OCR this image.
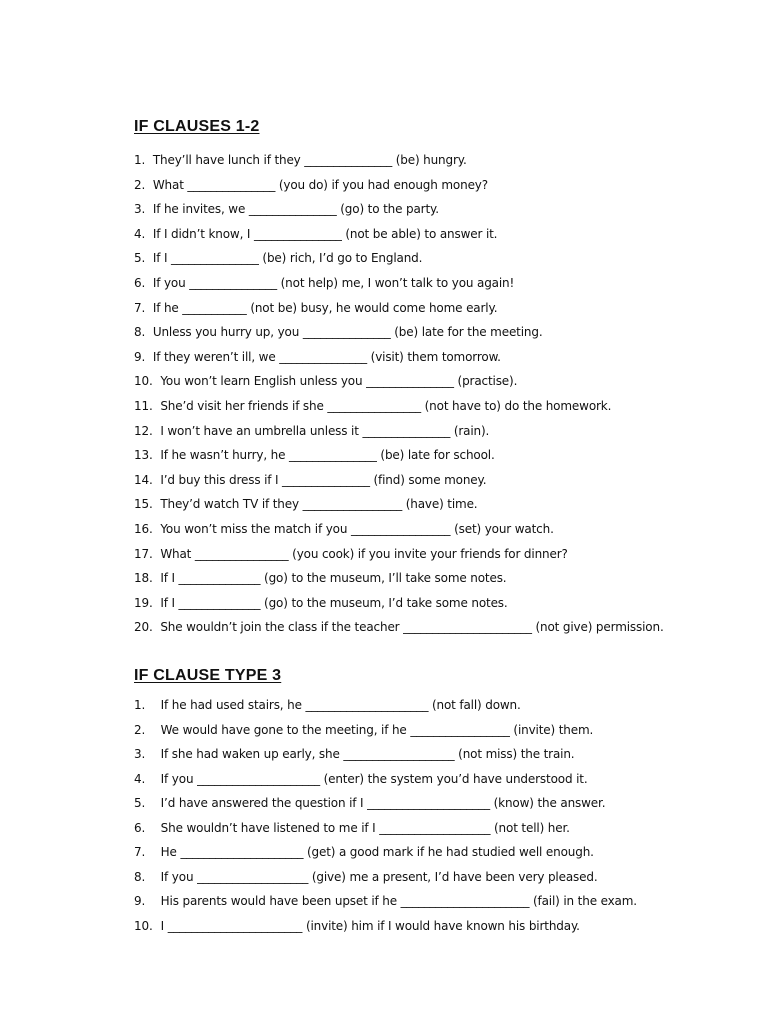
IF CLAUSES 1-2
1. They’ll have lunch if they _______________ (be) hungry.
2. What _______________ (you do) if you had enough money?
3. If he invites, we _______________ (go) to the party.
4. If I didn’t know, I _______________ (not be able) to answer it.
5. If I _______________ (be) rich, I’d go to England.
6. If you _______________ (not help) me, I won’t talk to you again!
7. If he ___________ (not be) busy, he would come home early.
8. Unless you hurry up, you _______________ (be) late for the meeting.
9. If they weren’t ill, we _______________ (visit) them tomorrow.
10. You won’t learn English unless you _______________ (practise).
11. She’d visit her friends if she ________________ (not have to) do the homework.
12. I won’t have an umbrella unless it _______________ (rain).
13. If he wasn’t hurry, he _______________ (be) late for school.
14. I’d buy this dress if I _______________ (find) some money.
15. They’d watch TV if they _________________ (have) time.
16. You won’t miss the match if you _________________ (set) your watch.
17. What ________________ (you cook) if you invite your friends for dinner?
18. If I ______________ (go) to the museum, I’ll take some notes.
19. If I ______________ (go) to the museum, I’d take some notes.
20. She wouldn’t join the class if the teacher ______________________ (not give) permission.
IF CLAUSE TYPE 3
1. If he had used stairs, he _____________________ (not fall) down.
2. We would have gone to the meeting, if he _________________ (invite) them.
3. If she had waken up early, she ___________________ (not miss) the train.
4. If you _____________________ (enter) the system you’d have understood it.
5. I’d have answered the question if I _____________________ (know) the answer.
6. She wouldn’t have listened to me if I ___________________ (not tell) her.
7. He _____________________ (get) a good mark if he had studied well enough.
8. If you ___________________ (give) me a present, I’d have been very pleased.
9. His parents would have been upset if he ______________________ (fail) in the exam.
10. I _______________________ (invite) him if I would have known his birthday.
